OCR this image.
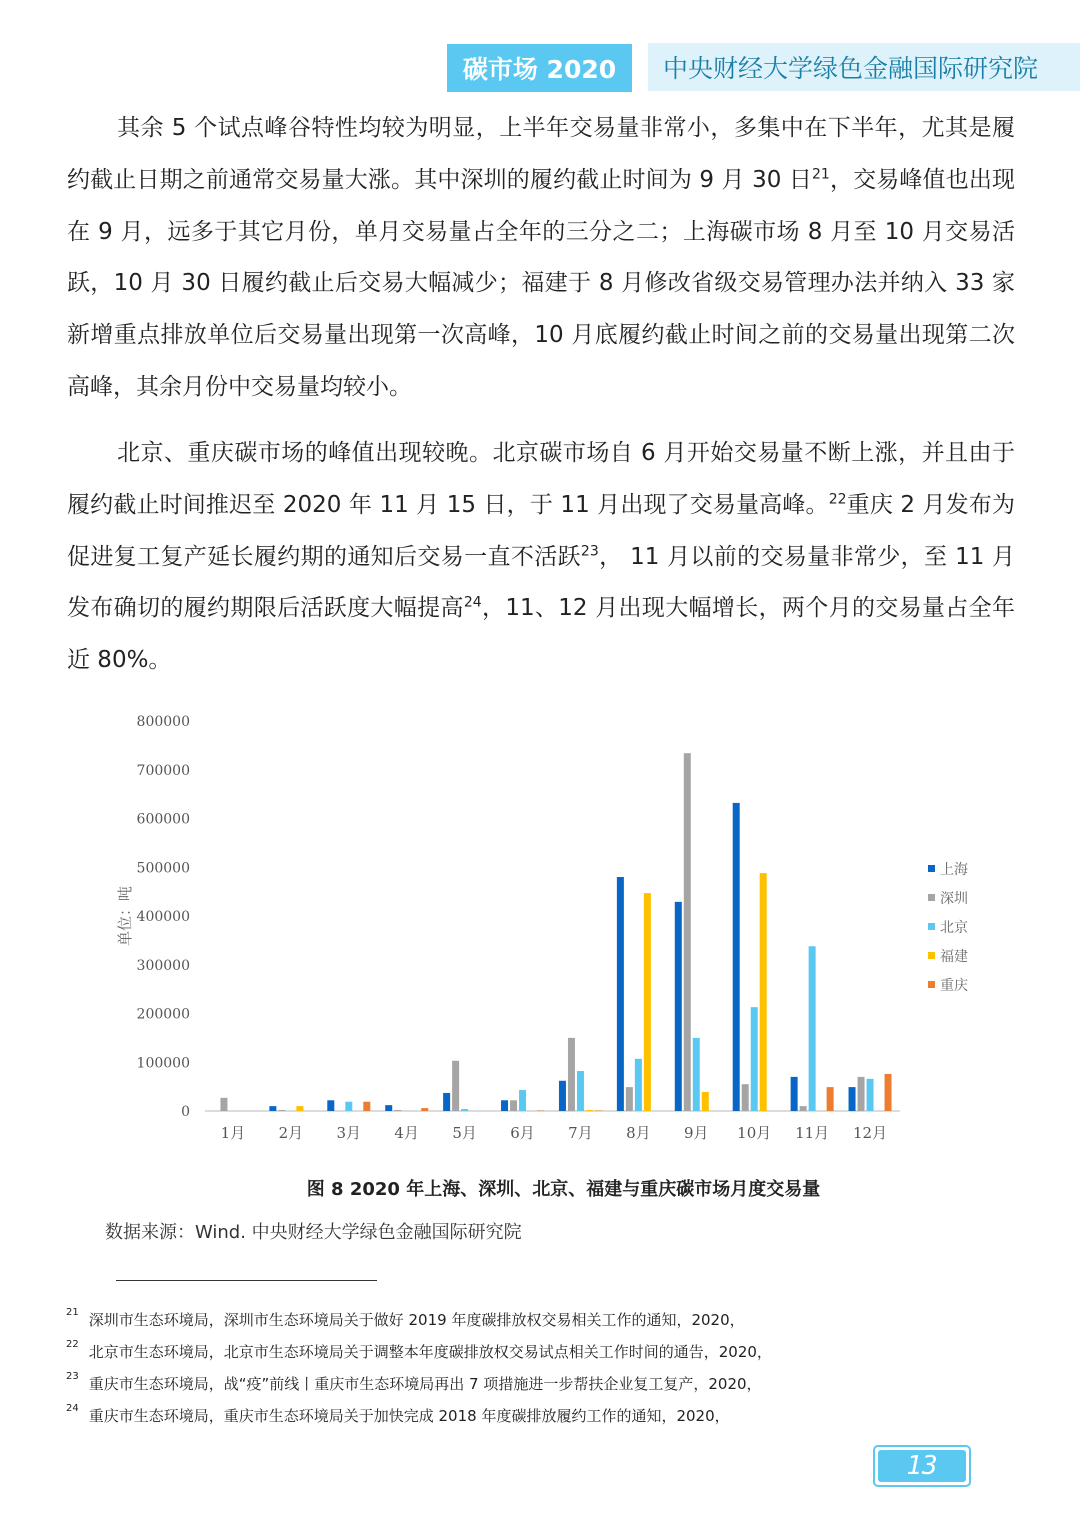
碳市场 2020 中央财经大学绿色金融国际研究院
其余 5 个试点峰谷特性均较为明显，上半年交易量非常小，多集中在下半年，尤其是履约截止日期之前通常交易量大涨。其中深圳的履约截止时间为 9 月 30 日$^{21}$，交易峰值也出现在 9 月，远多于其它月份，单月交易量占全年的三分之二；上海碳市场 8 月至 10 月交易活跃，10 月 30 日履约截止后交易大幅减少；福建于 8 月修改省级交易管理办法并纳入 33 家新增重点排放单位后交易量出现第一次高峰，10 月底履约截止时间之前的交易量出现第二次高峰，其余月份中交易量均较小。
北京、重庆碳市场的峰值出现较晚。北京碳市场自 6 月开始交易量不断上涨，并且由于履约截止时间推迟至 2020 年 11 月 15 日，于 11 月出现了交易量高峰。$^{22}$重庆 2 月发布为促进复工复产延长履约期的通知后交易一直不活跃$^{23}$， 11 月以前的交易量非常少，至 11 月发布确切的履约期限后活跃度大幅提高$^{24}$，11、12 月出现大幅增长，两个月的交易量占全年近 80%。
0
100000
200000
300000
400000
500000
600000
700000
800000
单位：吨
1月 2月 3月 4月 5月 6月 7月 8月 9月 10月 11月 12月
上海
深圳
北京
福建
重庆
图 8 2020 年上海、深圳、北京、福建与重庆碳市场月度交易量
数据来源：Wind. 中央财经大学绿色金融国际研究院
$^{21}$ 深圳市生态环境局，深圳市生态环境局关于做好 2019 年度碳排放权交易相关工作的通知，2020，
$^{22}$ 北京市生态环境局，北京市生态环境局关于调整本年度碳排放权交易试点相关工作时间的通告，2020，
$^{23}$ 重庆市生态环境局，战“疫”前线丨重庆市生态环境局再出 7 项措施进一步帮扶企业复工复产，2020，
$^{24}$ 重庆市生态环境局，重庆市生态环境局关于加快完成 2018 年度碳排放履约工作的通知，2020，
13
